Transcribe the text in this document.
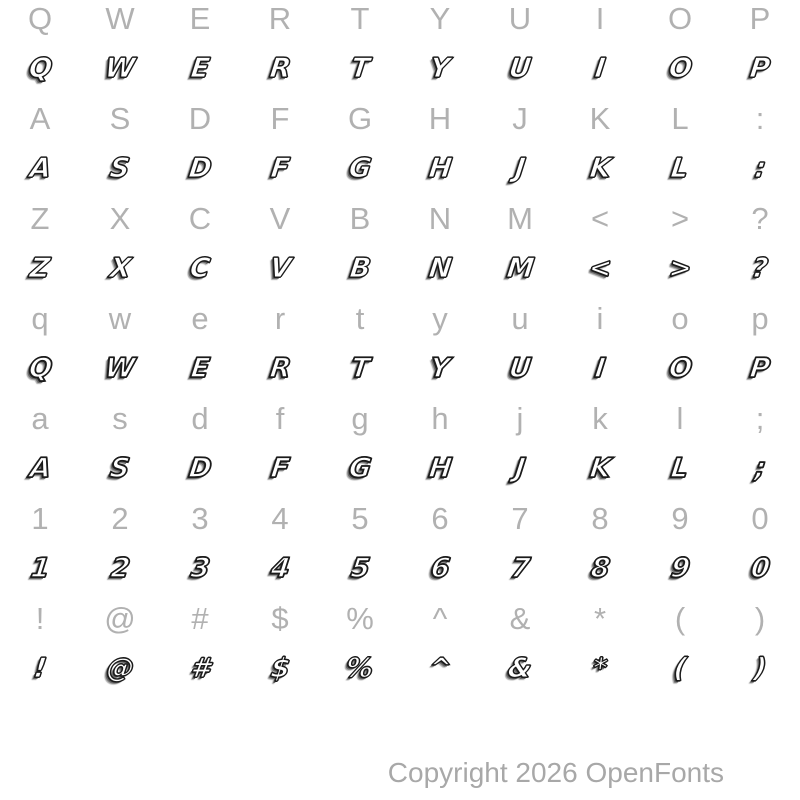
Q W E R T Y U I O P
Q W E R T Y U I O P
A S D F G H J K L :
A S D F G H J K L :
Z X C V B N M < > ?
Z X C V B N M < > ?
q w e r t y u i o p
Q W E R T Y U I O P
a s d f g h j k l ;
A S D F G H J K L ;
1 2 3 4 5 6 7 8 9 0
1 2 3 4 5 6 7 8 9 0
! @ # $ % ^ & * ( )
! @ # $ % ^ & * ( )
Copyright 2026 OpenFonts
